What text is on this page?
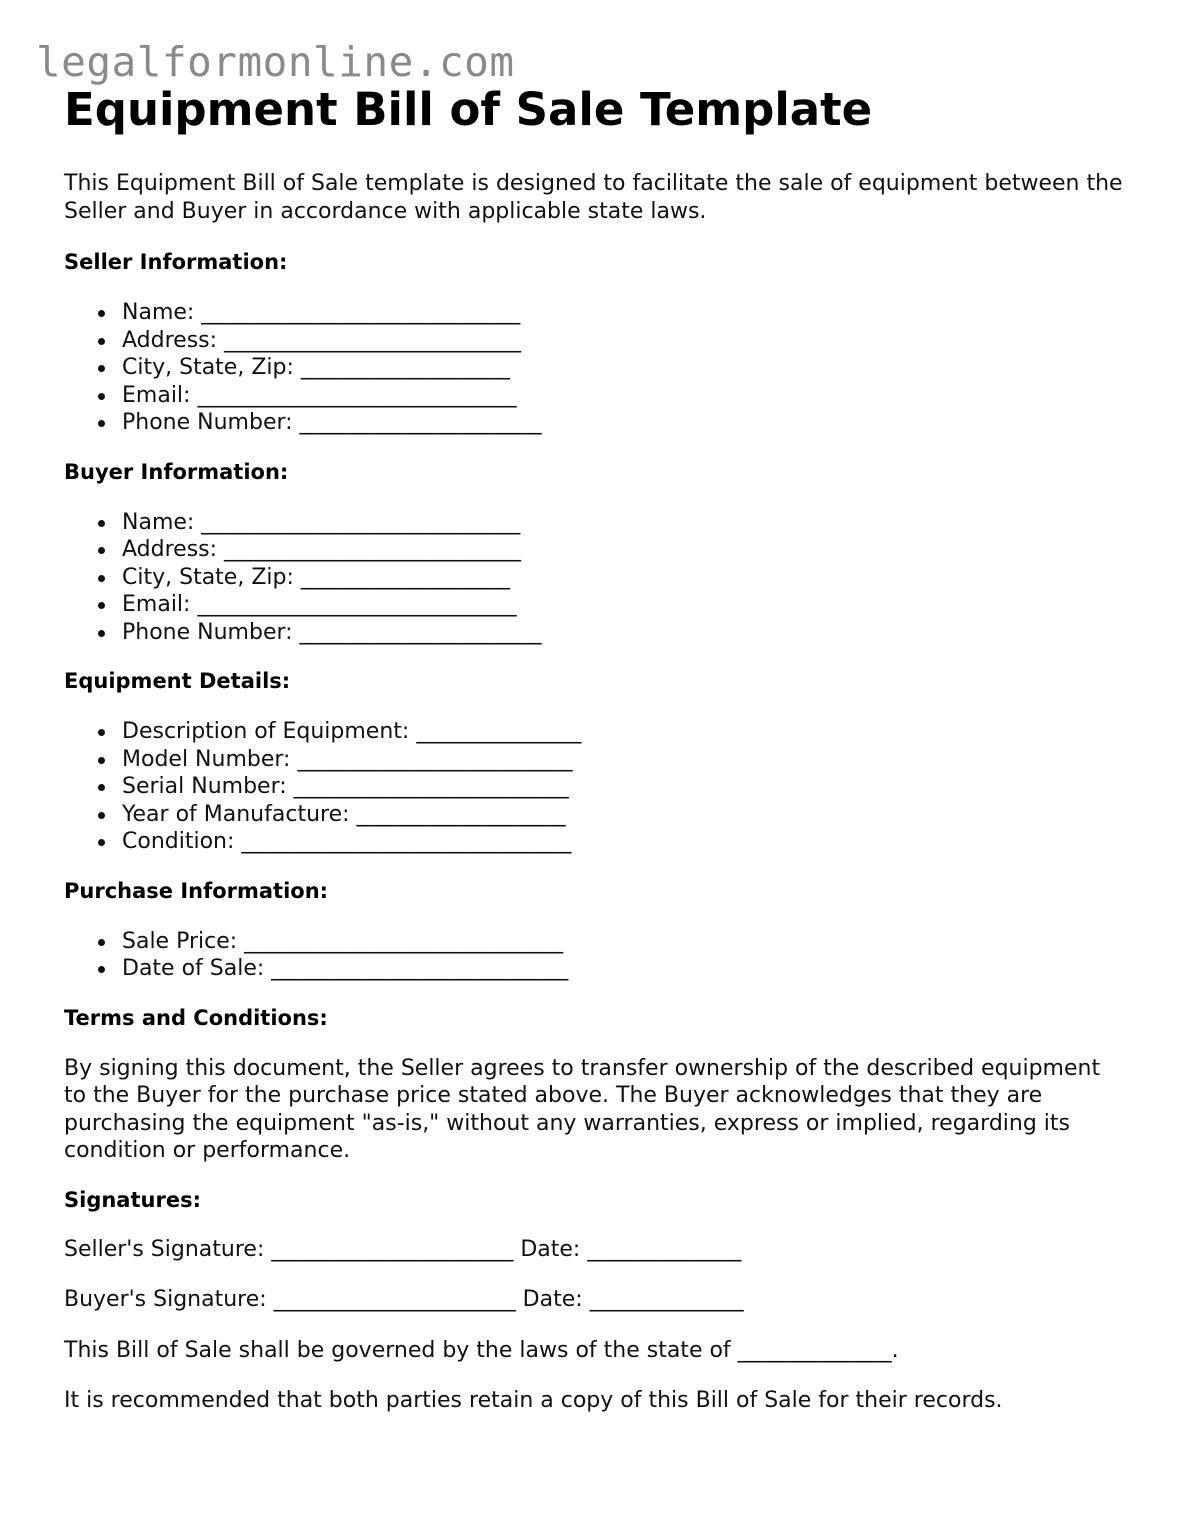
legalformonline.com
Equipment Bill of Sale Template

This Equipment Bill of Sale template is designed to facilitate the sale of equipment between the Seller and Buyer in accordance with applicable state laws.

Seller Information:
Name: _____________________________
Address: ___________________________
City, State, Zip: ___________________
Email: _____________________________
Phone Number: ______________________
Buyer Information:
Name: _____________________________
Address: ___________________________
City, State, Zip: ___________________
Email: _____________________________
Phone Number: ______________________
Equipment Details:
Description of Equipment: _______________
Model Number: _________________________
Serial Number: _________________________
Year of Manufacture: ___________________
Condition: ______________________________
Purchase Information:
Sale Price: _____________________________
Date of Sale: ___________________________
Terms and Conditions:

By signing this document, the Seller agrees to transfer ownership of the described equipment to the Buyer for the purchase price stated above. The Buyer acknowledges that they are purchasing the equipment "as-is," without any warranties, express or implied, regarding its condition or performance.

Signatures:

Seller's Signature: ______________________ Date: ______________

Buyer's Signature: ______________________ Date: ______________

This Bill of Sale shall be governed by the laws of the state of ______________.

It is recommended that both parties retain a copy of this Bill of Sale for their records.
